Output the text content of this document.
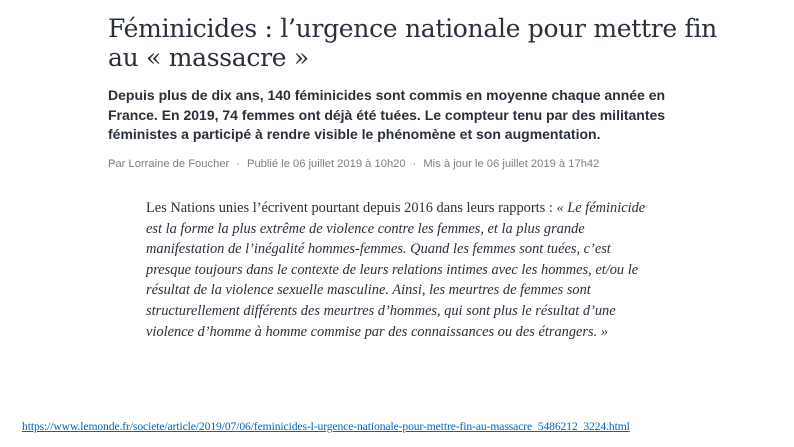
Féminicides : l’urgence nationale pour mettre fin au « massacre »

Depuis plus de dix ans, 140 féminicides sont commis en moyenne chaque année en France. En 2019, 74 femmes ont déjà été tuées. Le compteur tenu par des militantes féministes a participé à rendre visible le phénomène et son augmentation.

Par Lorraine de Foucher · Publié le 06 juillet 2019 à 10h20 · Mis à jour le 06 juillet 2019 à 17h42

Les Nations unies l’écrivent pourtant depuis 2016 dans leurs rapports : « Le féminicide est la forme la plus extrême de violence contre les femmes, et la plus grande manifestation de l’inégalité hommes-femmes. Quand les femmes sont tuées, c’est presque toujours dans le contexte de leurs relations intimes avec les hommes, et/ou le résultat de la violence sexuelle masculine. Ainsi, les meurtres de femmes sont structurellement différents des meurtres d’hommes, qui sont plus le résultat d’une violence d’homme à homme commise par des connaissances ou des étrangers. »

https://www.lemonde.fr/societe/article/2019/07/06/feminicides-l-urgence-nationale-pour-mettre-fin-au-massacre_5486212_3224.html
